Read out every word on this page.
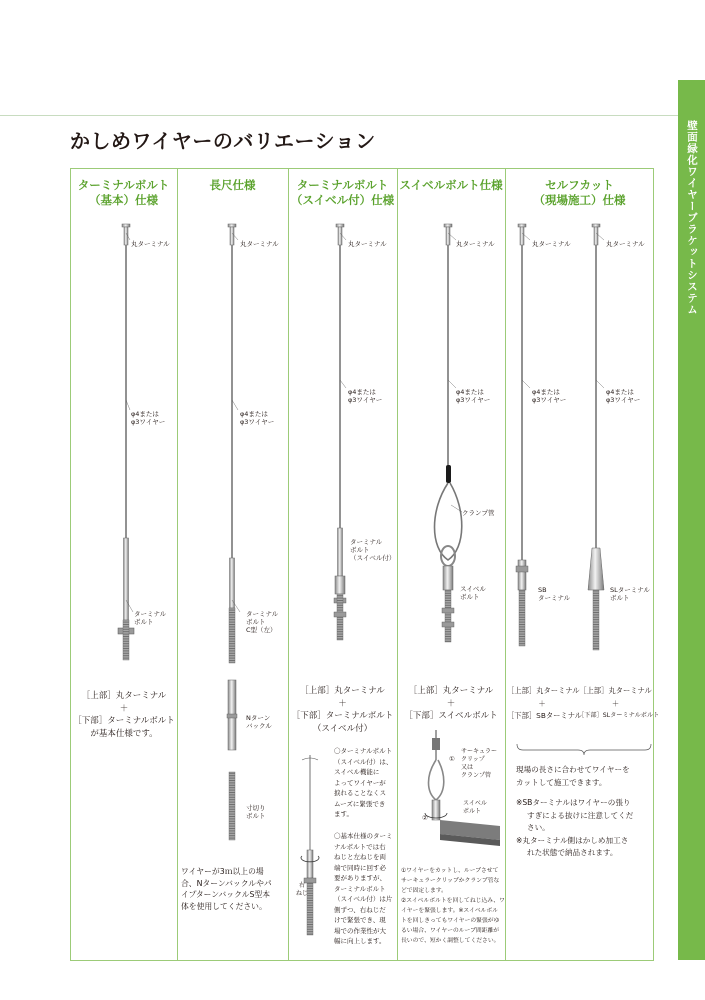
壁面緑化ワイヤーブラケットシステム
かしめワイヤーのバリエーション
ターミナルボルト
（基本）仕様
長尺仕様	ターミナルボルト
（スイベル付）仕様
スイベルボルト仕様	セルフカット
（現場施工）仕様
丸ターミナル
φ4または
φ3ワイヤー
ターミナル
ボルト
丸ターミナル
φ4または
φ3ワイヤー
ターミナル
ボルト
C型（左）
Nターン
バックル
寸切り
ボルト
丸ターミナル
φ4または
φ3ワイヤー
ターミナル
ボルト
（スイベル付）
右
ねじ
丸ターミナル
φ4または
φ3ワイヤー
クランプ管
スイベル
ボルト
①
サーキュラー
クリップ
又は
クランプ管
スイベル
ボルト
②
丸ターミナル
φ4または
φ3ワイヤー
SB
ターミナル
丸ターミナル
φ4または
φ3ワイヤー
SLターミナル
ボルト
［上部］丸ターミナル
＋
［下部］ターミナルボルト
が基本仕様です。
［上部］丸ターミナル
＋
［下部］ターミナルボルト
（スイベル付）
［上部］丸ターミナル
＋
［下部］スイベルボルト
［上部］丸ターミナル
＋
［下部］SBターミナル
［上部］丸ターミナル
＋
［下部］SLターミナルボルト

ワイヤーが3ｍ以上の場

合、Nターンバックルやパ

イプターンバックルS型本

体を使用してください。

〇ターミナルボルト

（スイベル付）は、

スイベル機能に

よってワイヤーが

捩れることなくス

ムーズに緊張でき

ます。

〇基本仕様のターミ

ナルボルトでは右

ねじと左ねじを両

端で同時に回す必

要がありますが、

ターミナルボルト

（スイベル付）は片

側ずつ、右ねじだ

けで緊張でき、現

場での作業性が大

幅に向上します。

①ワイヤーをカットし、ループさせて

サーキュラークリップかクランプ管な

どで固定します。

②スイベルボルトを回してねじ込み、ワ

イヤーを緊張します。※スイベルボル

トを回しきってもワイヤーの緊張がゆ

るい場合、ワイヤーのループ間距離が

長いので、短かく調整してください。

現場の長さに合わせてワイヤーを

カットして施工できます。

※SBターミナルはワイヤーの張り

すぎによる抜けに注意してくだ

さい。

※丸ターミナル側はかしめ加工さ

れた状態で納品されます。
